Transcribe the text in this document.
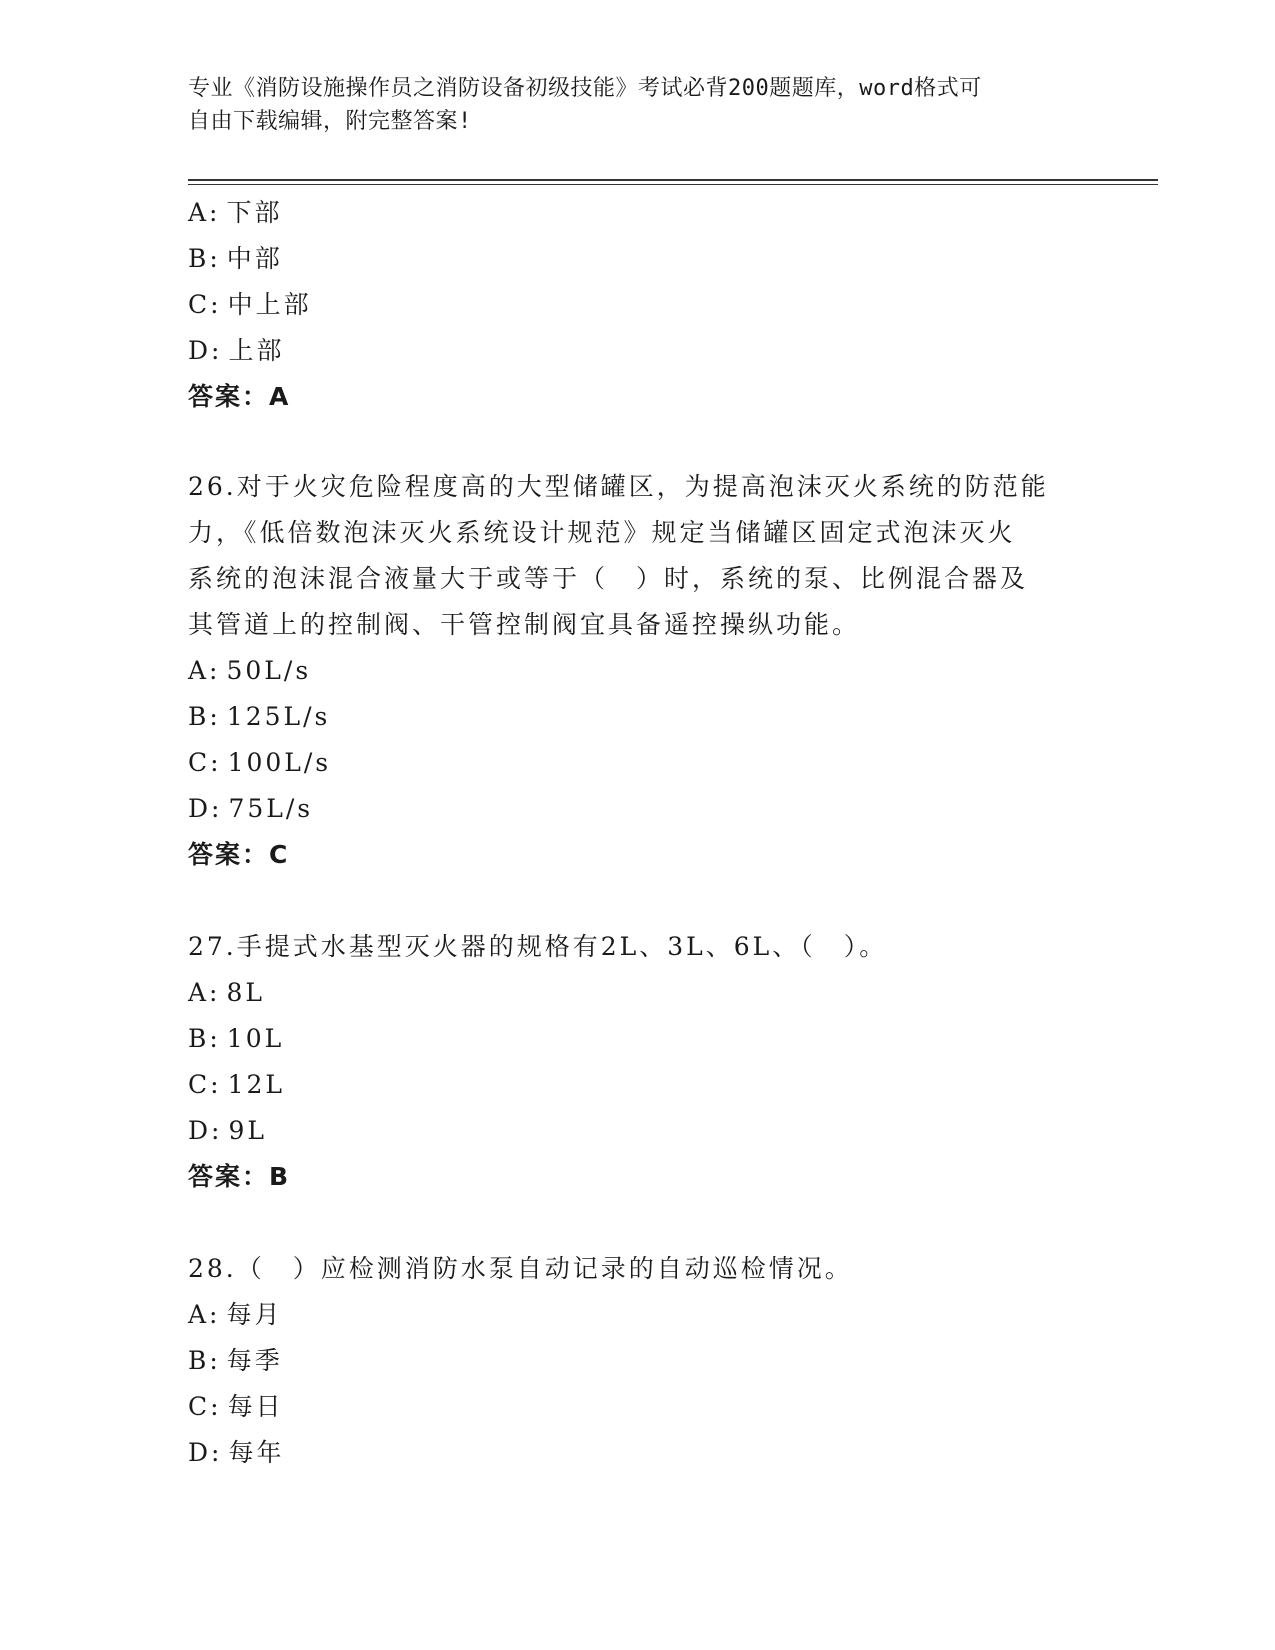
专业《消防设施操作员之消防设备初级技能》考试必背200题题库，word格式可
自由下载编辑，附完整答案!
A: 下部
B: 中部
C: 中上部
D: 上部
答案：A
26.对于火灾危险程度高的大型储罐区，为提高泡沫灭火系统的防范能
力，《低倍数泡沫灭火系统设计规范》规定当储罐区固定式泡沫灭火
系统的泡沫混合液量大于或等于（　）时，系统的泵、比例混合器及
其管道上的控制阀、干管控制阀宜具备遥控操纵功能。
A: 50L/s
B: 125L/s
C: 100L/s
D: 75L/s
答案：C
27.手提式水基型灭火器的规格有2L、3L、6L、（　）。
A: 8L
B: 10L
C: 12L
D: 9L
答案：B
28.（　）应检测消防水泵自动记录的自动巡检情况。
A: 每月
B: 每季
C: 每日
D: 每年
